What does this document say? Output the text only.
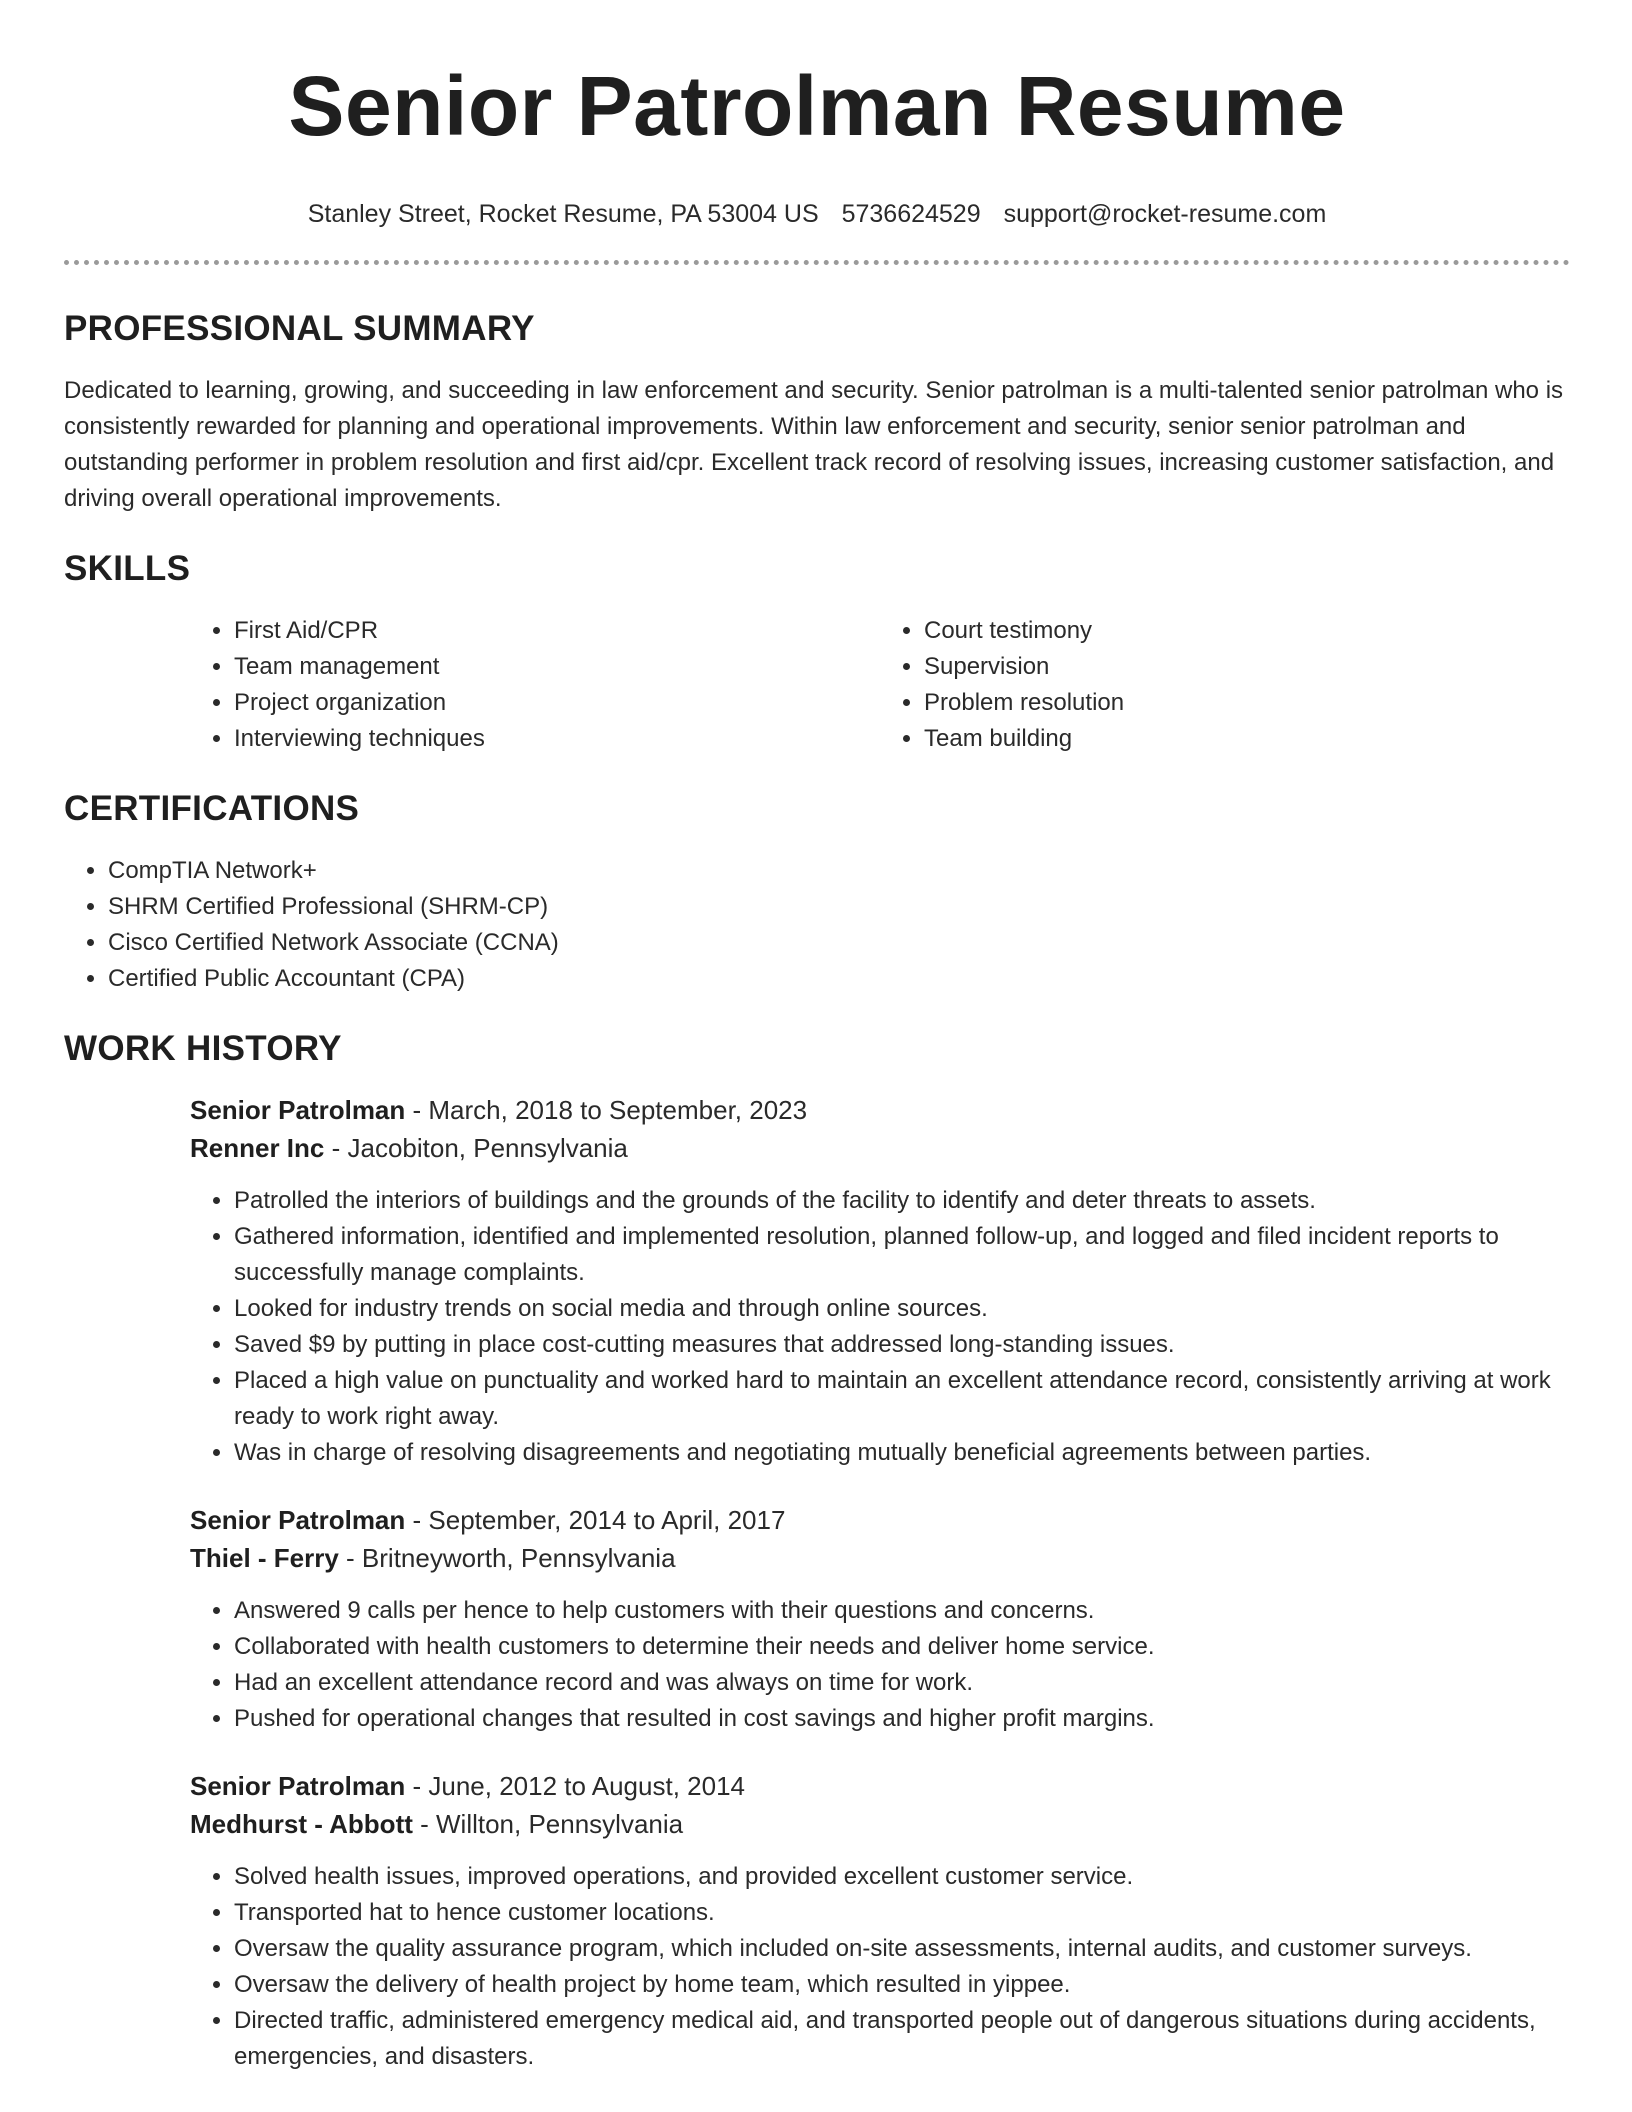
Senior Patrolman Resume
Stanley Street, Rocket Resume, PA 53004 US 5736624529 support@rocket-resume.com
PROFESSIONAL SUMMARY

Dedicated to learning, growing, and succeeding in law enforcement and security. Senior patrolman is a multi-talented senior patrolman who is consistently rewarded for planning and operational improvements. Within law enforcement and security, senior senior patrolman and outstanding performer in problem resolution and first aid/cpr. Excellent track record of resolving issues, increasing customer satisfaction, and driving overall operational improvements.

SKILLS
• First Aid/CPR
• Team management
• Project organization
• Interviewing techniques
• Court testimony
• Supervision
• Problem resolution
• Team building
CERTIFICATIONS
• CompTIA Network+
• SHRM Certified Professional (SHRM-CP)
• Cisco Certified Network Associate (CCNA)
• Certified Public Accountant (CPA)
WORK HISTORY
Senior Patrolman - March, 2018 to September, 2023
Renner Inc - Jacobiton, Pennsylvania
• Patrolled the interiors of buildings and the grounds of the facility to identify and deter threats to assets.
• Gathered information, identified and implemented resolution, planned follow-up, and logged and filed incident reports to successfully manage complaints.
• Looked for industry trends on social media and through online sources.
• Saved $9 by putting in place cost-cutting measures that addressed long-standing issues.
• Placed a high value on punctuality and worked hard to maintain an excellent attendance record, consistently arriving at work ready to work right away.
• Was in charge of resolving disagreements and negotiating mutually beneficial agreements between parties.
Senior Patrolman - September, 2014 to April, 2017
Thiel - Ferry - Britneyworth, Pennsylvania
• Answered 9 calls per hence to help customers with their questions and concerns.
• Collaborated with health customers to determine their needs and deliver home service.
• Had an excellent attendance record and was always on time for work.
• Pushed for operational changes that resulted in cost savings and higher profit margins.
Senior Patrolman - June, 2012 to August, 2014
Medhurst - Abbott - Willton, Pennsylvania
• Solved health issues, improved operations, and provided excellent customer service.
• Transported hat to hence customer locations.
• Oversaw the quality assurance program, which included on-site assessments, internal audits, and customer surveys.
• Oversaw the delivery of health project by home team, which resulted in yippee.
• Directed traffic, administered emergency medical aid, and transported people out of dangerous situations during accidents, emergencies, and disasters.
